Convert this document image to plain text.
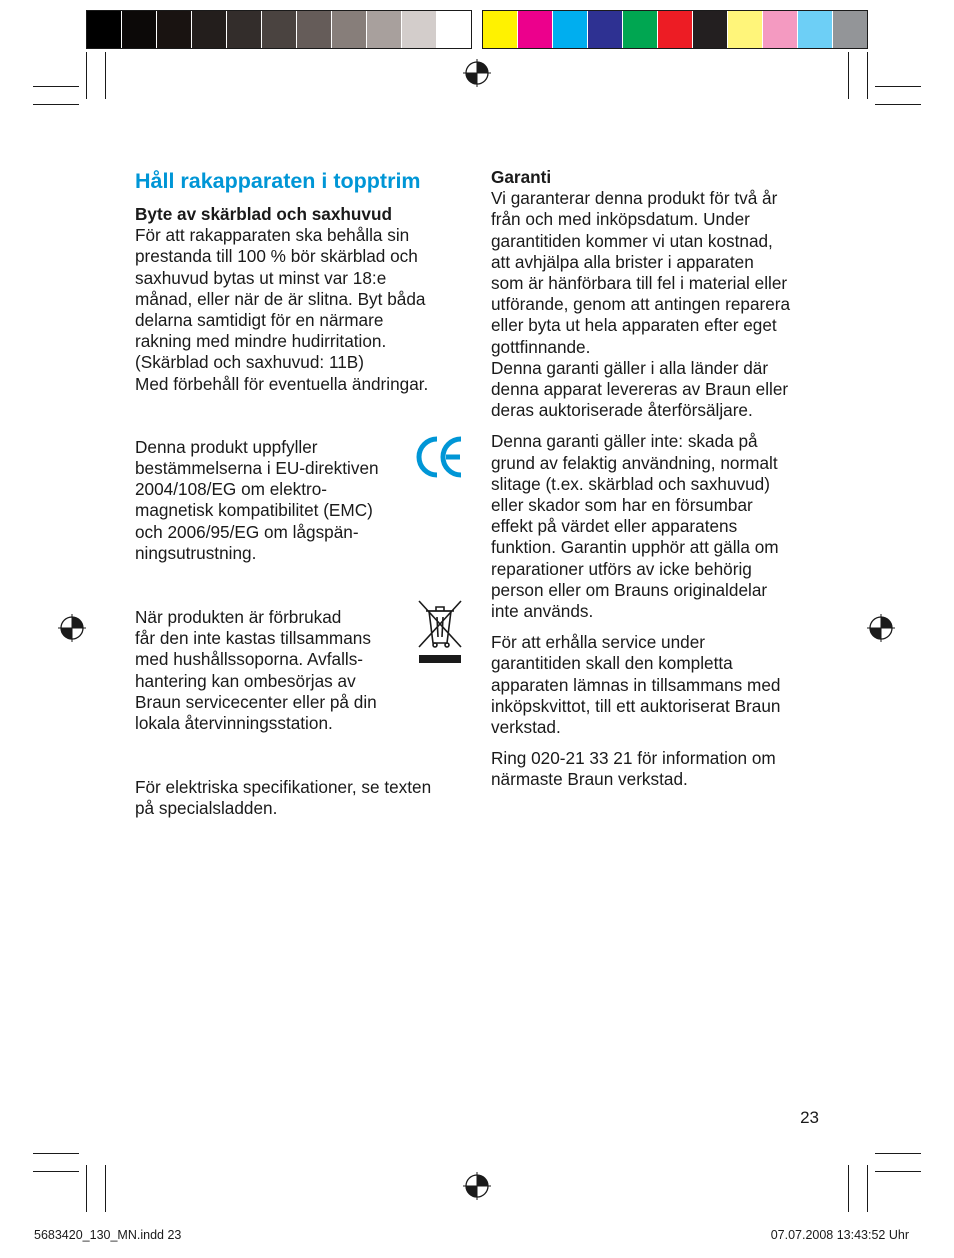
Håll rakapparaten i topptrim
Byte av skärblad och saxhuvud

För att rakapparaten ska behålla sin
prestanda till 100 % bör skärblad och
saxhuvud bytas ut minst var 18:e
månad, eller när de är slitna. Byt båda
delarna samtidigt för en närmare
rakning med mindre hudirritation.
(Skärblad och saxhuvud: 11B)
Med förbehåll för eventuella ändringar.

Denna produkt uppfyller
bestämmelserna i EU-direktiven
2004/108/EG om elektro-
magnetisk kompatibilitet (EMC)
och 2006/95/EG om lågspän-
ningsutrustning.

När produkten är förbrukad
får den inte kastas tillsammans
med hushållssoporna. Avfalls-
hantering kan ombesörjas av
Braun servicecenter eller på din
lokala återvinningsstation.

För elektriska specifikationer, se texten
på specialsladden.

Garanti

Vi garanterar denna produkt för två år
från och med inköpsdatum. Under
garantitiden kommer vi utan kostnad,
att avhjälpa alla brister i apparaten
som är hänförbara till fel i material eller
utförande, genom att antingen reparera
eller byta ut hela apparaten efter eget
gottfinnande.
Denna garanti gäller i alla länder där
denna apparat levereras av Braun eller
deras auktoriserade återförsäljare.

Denna garanti gäller inte: skada på
grund av felaktig användning, normalt
slitage (t.ex. skärblad och saxhuvud)
eller skador som har en försumbar
effekt på värdet eller apparatens
funktion. Garantin upphör att gälla om
reparationer utförs av icke behörig
person eller om Brauns originaldelar
inte används.

För att erhålla service under
garantitiden skall den kompletta
apparaten lämnas in tillsammans med
inköpskvittot, till ett auktoriserat Braun
verkstad.

Ring 020-21 33 21 för information om
närmaste Braun verkstad.

23
5683420_130_MN.indd 23	07.07.2008 13:43:52 Uhr
